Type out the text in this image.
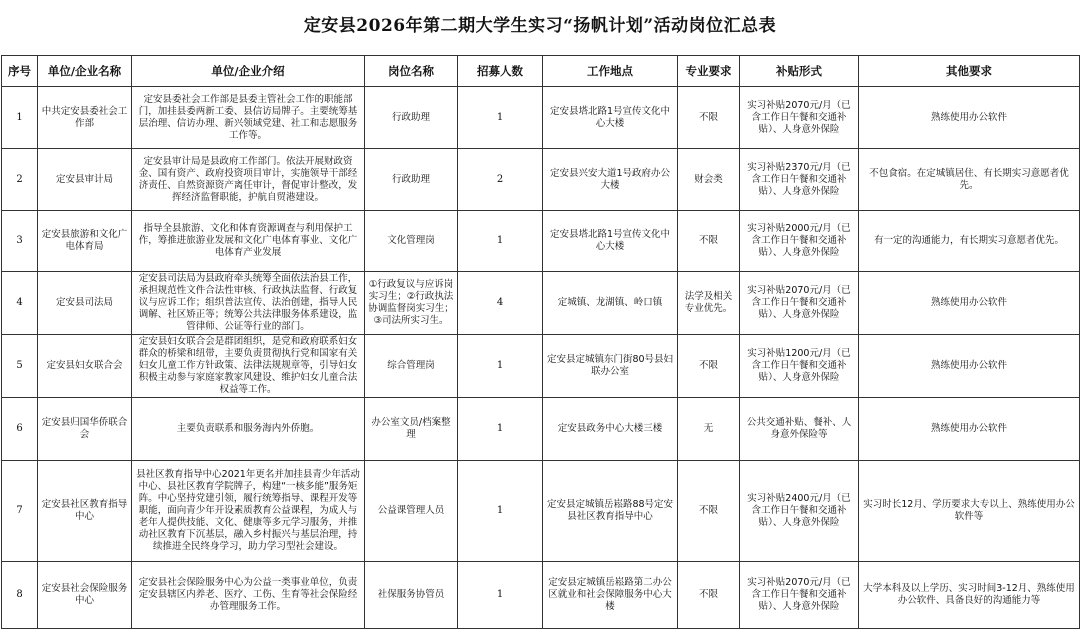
定安县2026年第二期大学生实习“扬帆计划”活动岗位汇总表
序号	单位/企业名称	单位/企业介绍	岗位名称	招募人数	工作地点	专业要求	补贴形式	其他要求
1	中共定安县委社会工作部	定安县委社会工作部是县委主管社会工作的职能部门，加挂县委两新工委、县信访局牌子。主要统筹基层治理、信访办理、新兴领域党建、社工和志愿服务工作等。	行政助理	1	定安县塔北路1号宣传文化中心大楼	不限	实习补贴2070元/月（已含工作日午餐和交通补贴）、人身意外保险	熟练使用办公软件
2	定安县审计局	定安县审计局是县政府工作部门。依法开展财政资金、国有资产、政府投资项目审计，实施领导干部经济责任、自然资源资产离任审计，督促审计整改，发挥经济监督职能，护航自贸港建设。	行政助理	2	定安县兴安大道1号政府办公大楼	财会类	实习补贴2370元/月（已含工作日午餐和交通补贴）、人身意外保险	不包食宿。在定城镇居住、有长期实习意愿者优先。
3	定安县旅游和文化广电体育局	指导全县旅游、文化和体育资源调查与利用保护工作，筹推进旅游业发展和文化广电体育事业、文化广电体育产业发展	文化管理岗	1	定安县塔北路1号宣传文化中心大楼	不限	实习补贴2000元/月（已含工作日午餐和交通补贴）、人身意外保险	有一定的沟通能力，有长期实习意愿者优先。
4	定安县司法局	定安县司法局为县政府牵头统筹全面依法治县工作，承担规范性文件合法性审核、行政执法监督、行政复议与应诉工作；组织普法宣传、法治创建，指导人民调解、社区矫正等；统筹公共法律服务体系建设，监管律师、公证等行业的部门。	①行政复议与应诉岗实习生；②行政执法协调监督岗实习生；③司法所实习生。	4	定城镇、龙湖镇、岭口镇	法学及相关专业优先。	实习补贴2070元/月（已含工作日午餐和交通补贴）、人身意外保险	熟练使用办公软件
5	定安县妇女联合会	定安县妇女联合会是群团组织，是党和政府联系妇女群众的桥梁和纽带，主要负责贯彻执行党和国家有关妇女儿童工作方针政策、法律法规规章等，引导妇女积极主动参与家庭家教家风建设、维护妇女儿童合法权益等工作。	综合管理岗	1	定安县定城镇东门街80号县妇联办公室	不限	实习补贴1200元/月（已含工作日午餐和交通补贴）、人身意外保险	熟练使用办公软件
6	定安县归国华侨联合会	主要负责联系和服务海内外侨胞。	办公室文员/档案整理	1	定安县政务中心大楼三楼	无	公共交通补贴、餐补、人身意外保险等	熟练使用办公软件
7	定安县社区教育指导中心	县社区教育指导中心2021年更名并加挂县青少年活动中心、县社区教育学院牌子，构建“一核多能”服务矩阵。中心坚持党建引领，履行统筹指导、课程开发等职能，面向青少年开设素质教育公益课程，为成人与老年人提供技能、文化、健康等多元学习服务，并推动社区教育下沉基层，融入乡村振兴与基层治理，持续推进全民终身学习，助力学习型社会建设。	公益课管理人员	1	定安县定城镇岳崧路88号定安县社区教育指导中心	不限	实习补贴2400元/月（已含工作日午餐和交通补贴）、人身意外保险	实习时长12月、学历要求大专以上、熟练使用办公软件等
8	定安县社会保险服务中心	定安县社会保险服务中心为公益一类事业单位，负责定安县辖区内养老、医疗、工伤、生育等社会保险经办管理服务工作。	社保服务协管员	1	定安县定城镇岳崧路第二办公区就业和社会保障服务中心大楼	不限	实习补贴2070元/月（已含工作日午餐和交通补贴）、人身意外保险	大学本科及以上学历、实习时间3-12月、熟练使用办公软件、具备良好的沟通能力等
